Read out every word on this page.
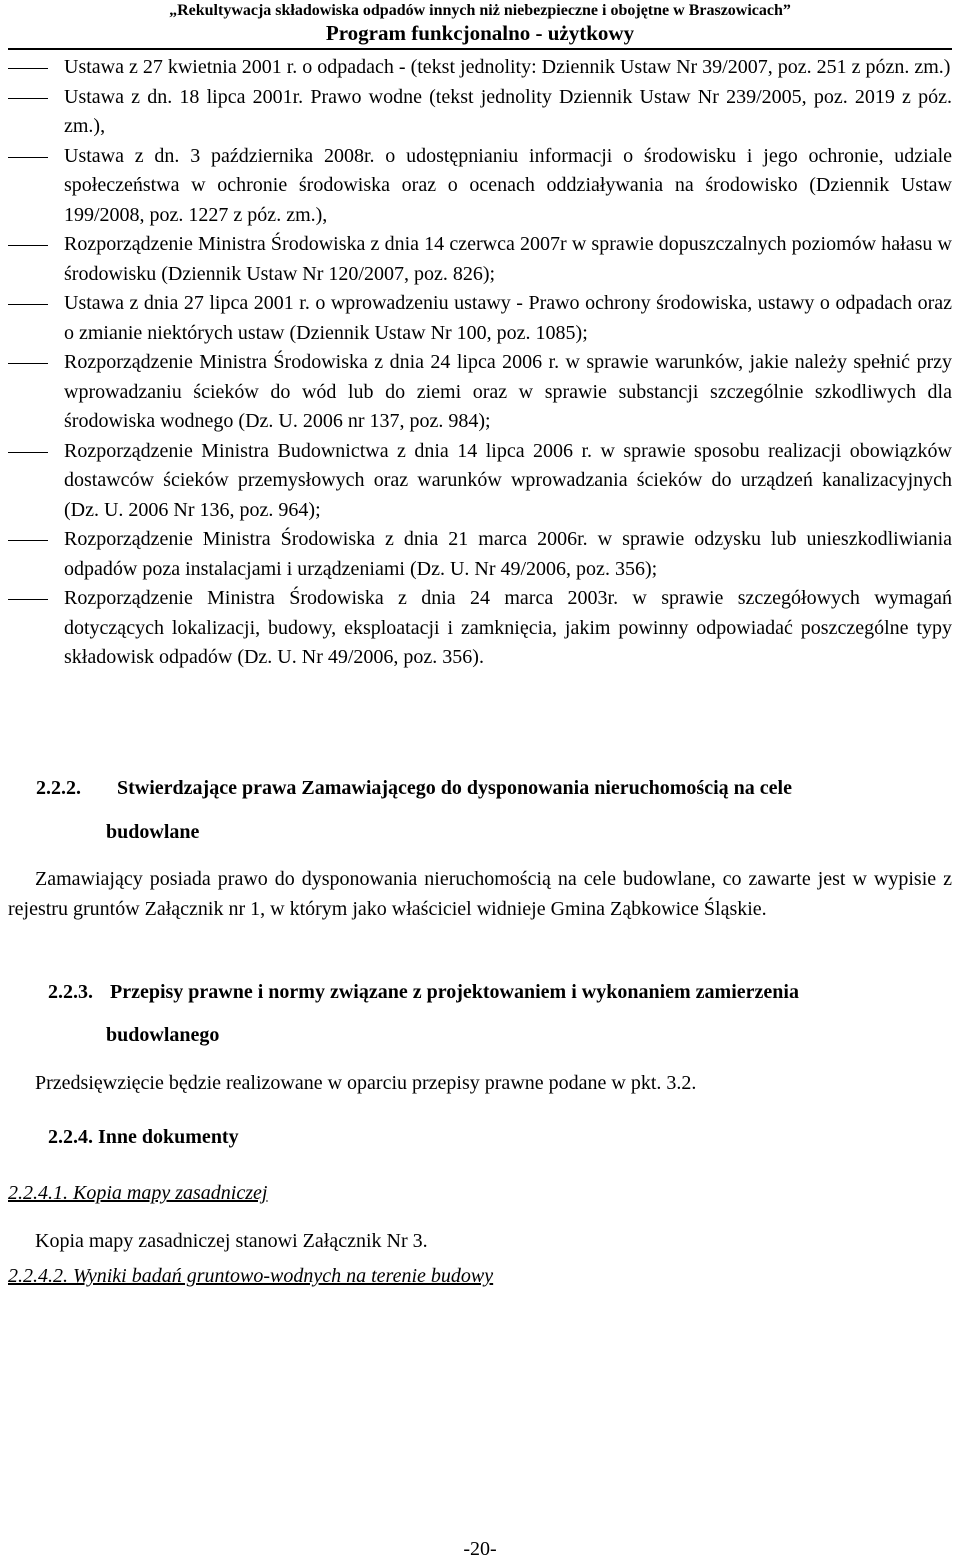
„Rekultywacja składowiska odpadów innych niż niebezpieczne i obojętne w Braszowicach”
Program funkcjonalno - użytkowy
Ustawa z 27 kwietnia 2001 r. o odpadach - (tekst jednolity: Dziennik Ustaw Nr 39/2007, poz. 251 z pózn. zm.)
Ustawa z dn. 18 lipca 2001r. Prawo wodne (tekst jednolity Dziennik Ustaw Nr 239/2005, poz. 2019 z póz. zm.),
Ustawa z dn. 3 października 2008r. o udostępnianiu informacji o środowisku i jego ochronie, udziale społeczeństwa w ochronie środowiska oraz o ocenach oddziaływania na środowisko (Dziennik Ustaw 199/2008, poz. 1227 z póz. zm.),
Rozporządzenie Ministra Środowiska z dnia 14 czerwca 2007r w sprawie dopuszczalnych poziomów hałasu w środowisku (Dziennik Ustaw Nr 120/2007, poz. 826);
Ustawa z dnia 27 lipca 2001 r. o wprowadzeniu ustawy - Prawo ochrony środowiska, ustawy o odpadach oraz o zmianie niektórych ustaw (Dziennik Ustaw Nr 100, poz. 1085);
Rozporządzenie Ministra Środowiska z dnia 24 lipca 2006 r. w sprawie warunków, jakie należy spełnić przy wprowadzaniu ścieków do wód lub do ziemi oraz w sprawie substancji szczególnie szkodliwych dla środowiska wodnego (Dz. U. 2006 nr 137, poz. 984);
Rozporządzenie Ministra Budownictwa z dnia 14 lipca 2006 r. w sprawie sposobu realizacji obowiązków dostawców ścieków przemysłowych oraz warunków wprowadzania ścieków do urządzeń kanalizacyjnych (Dz. U. 2006 Nr 136, poz. 964);
Rozporządzenie Ministra Środowiska z dnia 21 marca 2006r. w sprawie odzysku lub unieszkodliwiania odpadów poza instalacjami i urządzeniami (Dz. U. Nr 49/2006, poz. 356);
Rozporządzenie Ministra Środowiska z dnia 24 marca 2003r. w sprawie szczegółowych wymagań dotyczących lokalizacji, budowy, eksploatacji i zamknięcia, jakim powinny odpowiadać poszczególne typy składowisk odpadów (Dz. U. Nr 49/2006, poz. 356).
2.2.2. Stwierdzające prawa Zamawiającego do dysponowania nieruchomością na cele
budowlane
Zamawiający posiada prawo do dysponowania nieruchomością na cele budowlane, co zawarte jest w wypisie z rejestru gruntów Załącznik nr 1, w którym jako właściciel widnieje Gmina Ząbkowice Śląskie.
2.2.3. Przepisy prawne i normy związane z projektowaniem i wykonaniem zamierzenia
budowlanego
Przedsięwzięcie będzie realizowane w oparciu przepisy prawne podane w pkt. 3.2.
2.2.4. Inne dokumenty
2.2.4.1. Kopia mapy zasadniczej
Kopia mapy zasadniczej stanowi Załącznik Nr 3.
2.2.4.2. Wyniki badań gruntowo-wodnych na terenie budowy
-20-
